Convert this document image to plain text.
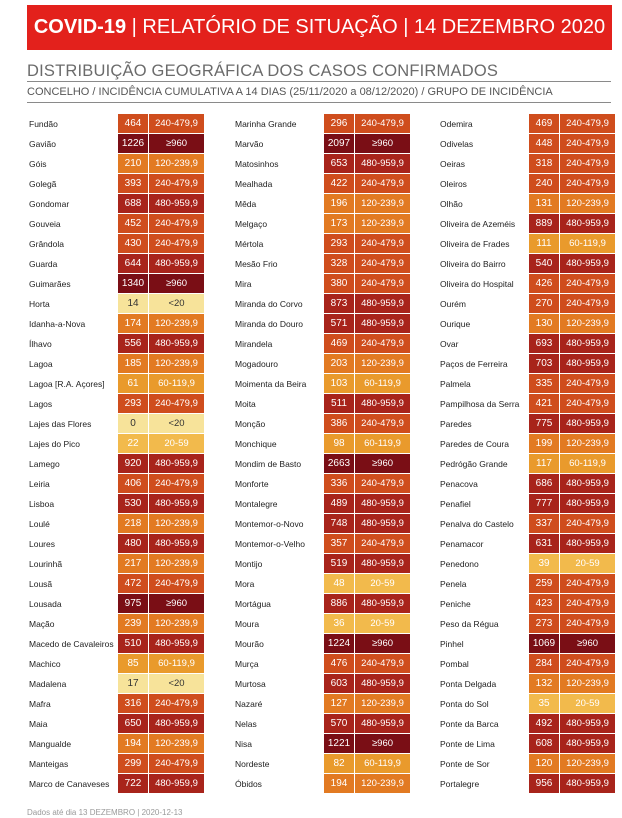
COVID-19 | RELATÓRIO DE SITUAÇÃO | 14 DEZEMBRO 2020
DISTRIBUIÇÃO GEOGRÁFICA DOS CASOS CONFIRMADOS
CONCELHO / INCIDÊNCIA CUMULATIVA A 14 DIAS (25/11/2020 a 08/12/2020) / GRUPO DE INCIDÊNCIA
Fundão	464	240-479,9
Gavião	1226	≥960
Góis	210	120-239,9
Golegã	393	240-479,9
Gondomar	688	480-959,9
Gouveia	452	240-479,9
Grândola	430	240-479,9
Guarda	644	480-959,9
Guimarães	1340	≥960
Horta	14	<20
Idanha-a-Nova	174	120-239,9
Ílhavo	556	480-959,9
Lagoa	185	120-239,9
Lagoa [R.A. Açores]	61	60-119,9
Lagos	293	240-479,9
Lajes das Flores	0	<20
Lajes do Pico	22	20-59
Lamego	920	480-959,9
Leiria	406	240-479,9
Lisboa	530	480-959,9
Loulé	218	120-239,9
Loures	480	480-959,9
Lourinhã	217	120-239,9
Lousã	472	240-479,9
Lousada	975	≥960
Mação	239	120-239,9
Macedo de Cavaleiros	510	480-959,9
Machico	85	60-119,9
Madalena	17	<20
Mafra	316	240-479,9
Maia	650	480-959,9
Mangualde	194	120-239,9
Manteigas	299	240-479,9
Marco de Canaveses	722	480-959,9
Marinha Grande	296	240-479,9
Marvão	2097	≥960
Matosinhos	653	480-959,9
Mealhada	422	240-479,9
Mêda	196	120-239,9
Melgaço	173	120-239,9
Mértola	293	240-479,9
Mesão Frio	328	240-479,9
Mira	380	240-479,9
Miranda do Corvo	873	480-959,9
Miranda do Douro	571	480-959,9
Mirandela	469	240-479,9
Mogadouro	203	120-239,9
Moimenta da Beira	103	60-119,9
Moita	511	480-959,9
Monção	386	240-479,9
Monchique	98	60-119,9
Mondim de Basto	2663	≥960
Monforte	336	240-479,9
Montalegre	489	480-959,9
Montemor-o-Novo	748	480-959,9
Montemor-o-Velho	357	240-479,9
Montijo	519	480-959,9
Mora	48	20-59
Mortágua	886	480-959,9
Moura	36	20-59
Mourão	1224	≥960
Murça	476	240-479,9
Murtosa	603	480-959,9
Nazaré	127	120-239,9
Nelas	570	480-959,9
Nisa	1221	≥960
Nordeste	82	60-119,9
Óbidos	194	120-239,9
Odemira	469	240-479,9
Odivelas	448	240-479,9
Oeiras	318	240-479,9
Oleiros	240	240-479,9
Olhão	131	120-239,9
Oliveira de Azeméis	889	480-959,9
Oliveira de Frades	111	60-119,9
Oliveira do Bairro	540	480-959,9
Oliveira do Hospital	426	240-479,9
Ourém	270	240-479,9
Ourique	130	120-239,9
Ovar	693	480-959,9
Paços de Ferreira	703	480-959,9
Palmela	335	240-479,9
Pampilhosa da Serra	421	240-479,9
Paredes	775	480-959,9
Paredes de Coura	199	120-239,9
Pedrógão Grande	117	60-119,9
Penacova	686	480-959,9
Penafiel	777	480-959,9
Penalva do Castelo	337	240-479,9
Penamacor	631	480-959,9
Penedono	39	20-59
Penela	259	240-479,9
Peniche	423	240-479,9
Peso da Régua	273	240-479,9
Pinhel	1069	≥960
Pombal	284	240-479,9
Ponta Delgada	132	120-239,9
Ponta do Sol	35	20-59
Ponte da Barca	492	480-959,9
Ponte de Lima	608	480-959,9
Ponte de Sor	120	120-239,9
Portalegre	956	480-959,9
Dados até dia 13 DEZEMBRO | 2020-12-13
